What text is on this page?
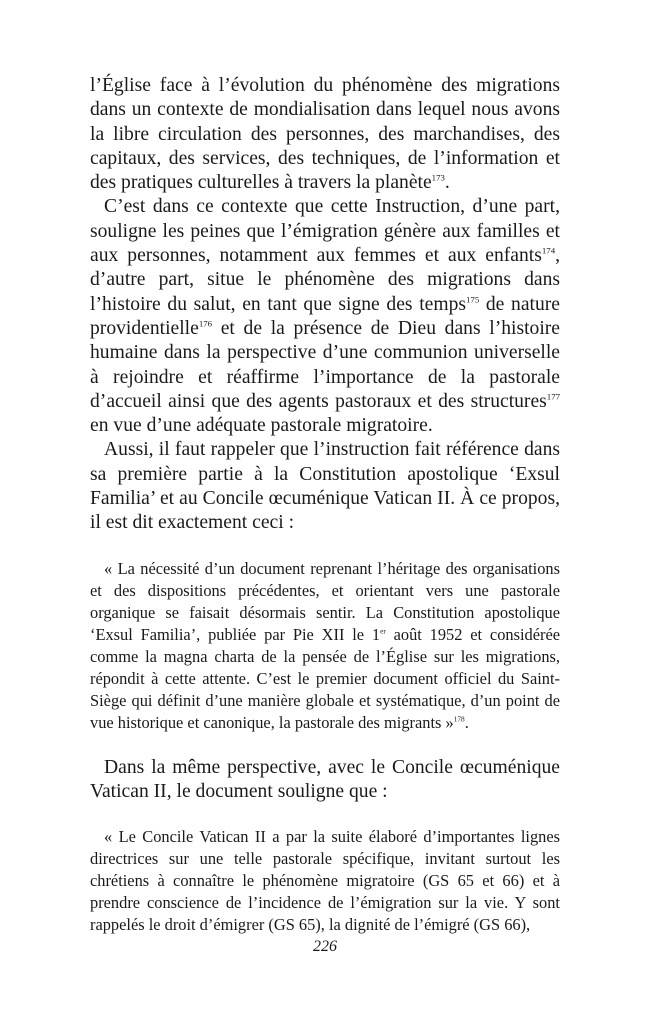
l’Église face à l’évolution du phénomène des migrations dans un contexte de mondialisation dans lequel nous avons la libre circulation des personnes, des marchandises, des capitaux, des services, des techniques, de l’information et des pratiques culturelles à travers la planète$^{173}$.

C’est dans ce contexte que cette Instruction, d’une part, souligne les peines que l’émigration génère aux familles et aux personnes, notamment aux femmes et aux enfants$^{174}$, d’autre part, situe le phénomène des migrations dans l’histoire du salut, en tant que signe des temps$^{175}$ de nature providentielle$^{176}$ et de la présence de Dieu dans l’histoire humaine dans la perspective d’une communion universelle à rejoindre et réaffirme l’importance de la pastorale d’accueil ainsi que des agents pastoraux et des structures$^{177}$ en vue d’une adéquate pastorale migratoire.

Aussi, il faut rappeler que l’instruction fait référence dans sa première partie à la Constitution apostolique ‘Exsul Familia’ et au Concile œcuménique Vatican II. À ce propos, il est dit exactement ceci :

« La nécessité d’un document reprenant l’héritage des organisations et des dispositions précédentes, et orientant vers une pastorale organique se faisait désormais sentir. La Constitution apostolique ‘Exsul Familia’, publiée par Pie XII le 1er août 1952 et considérée comme la magna charta de la pensée de l’Église sur les migrations, répondit à cette attente. C’est le premier document officiel du Saint-Siège qui définit d’une manière globale et systématique, d’un point de vue historique et canonique, la pastorale des migrants »$^{178}$.

Dans la même perspective, avec le Concile œcuménique Vatican II, le document souligne que :

« Le Concile Vatican II a par la suite élaboré d’importantes lignes directrices sur une telle pastorale spécifique, invitant surtout les chrétiens à connaître le phénomène migratoire (GS 65 et 66) et à prendre conscience de l’incidence de l’émigration sur la vie. Y sont rappelés le droit d’émigrer (GS 65), la dignité de l’émigré (GS 66),

226
